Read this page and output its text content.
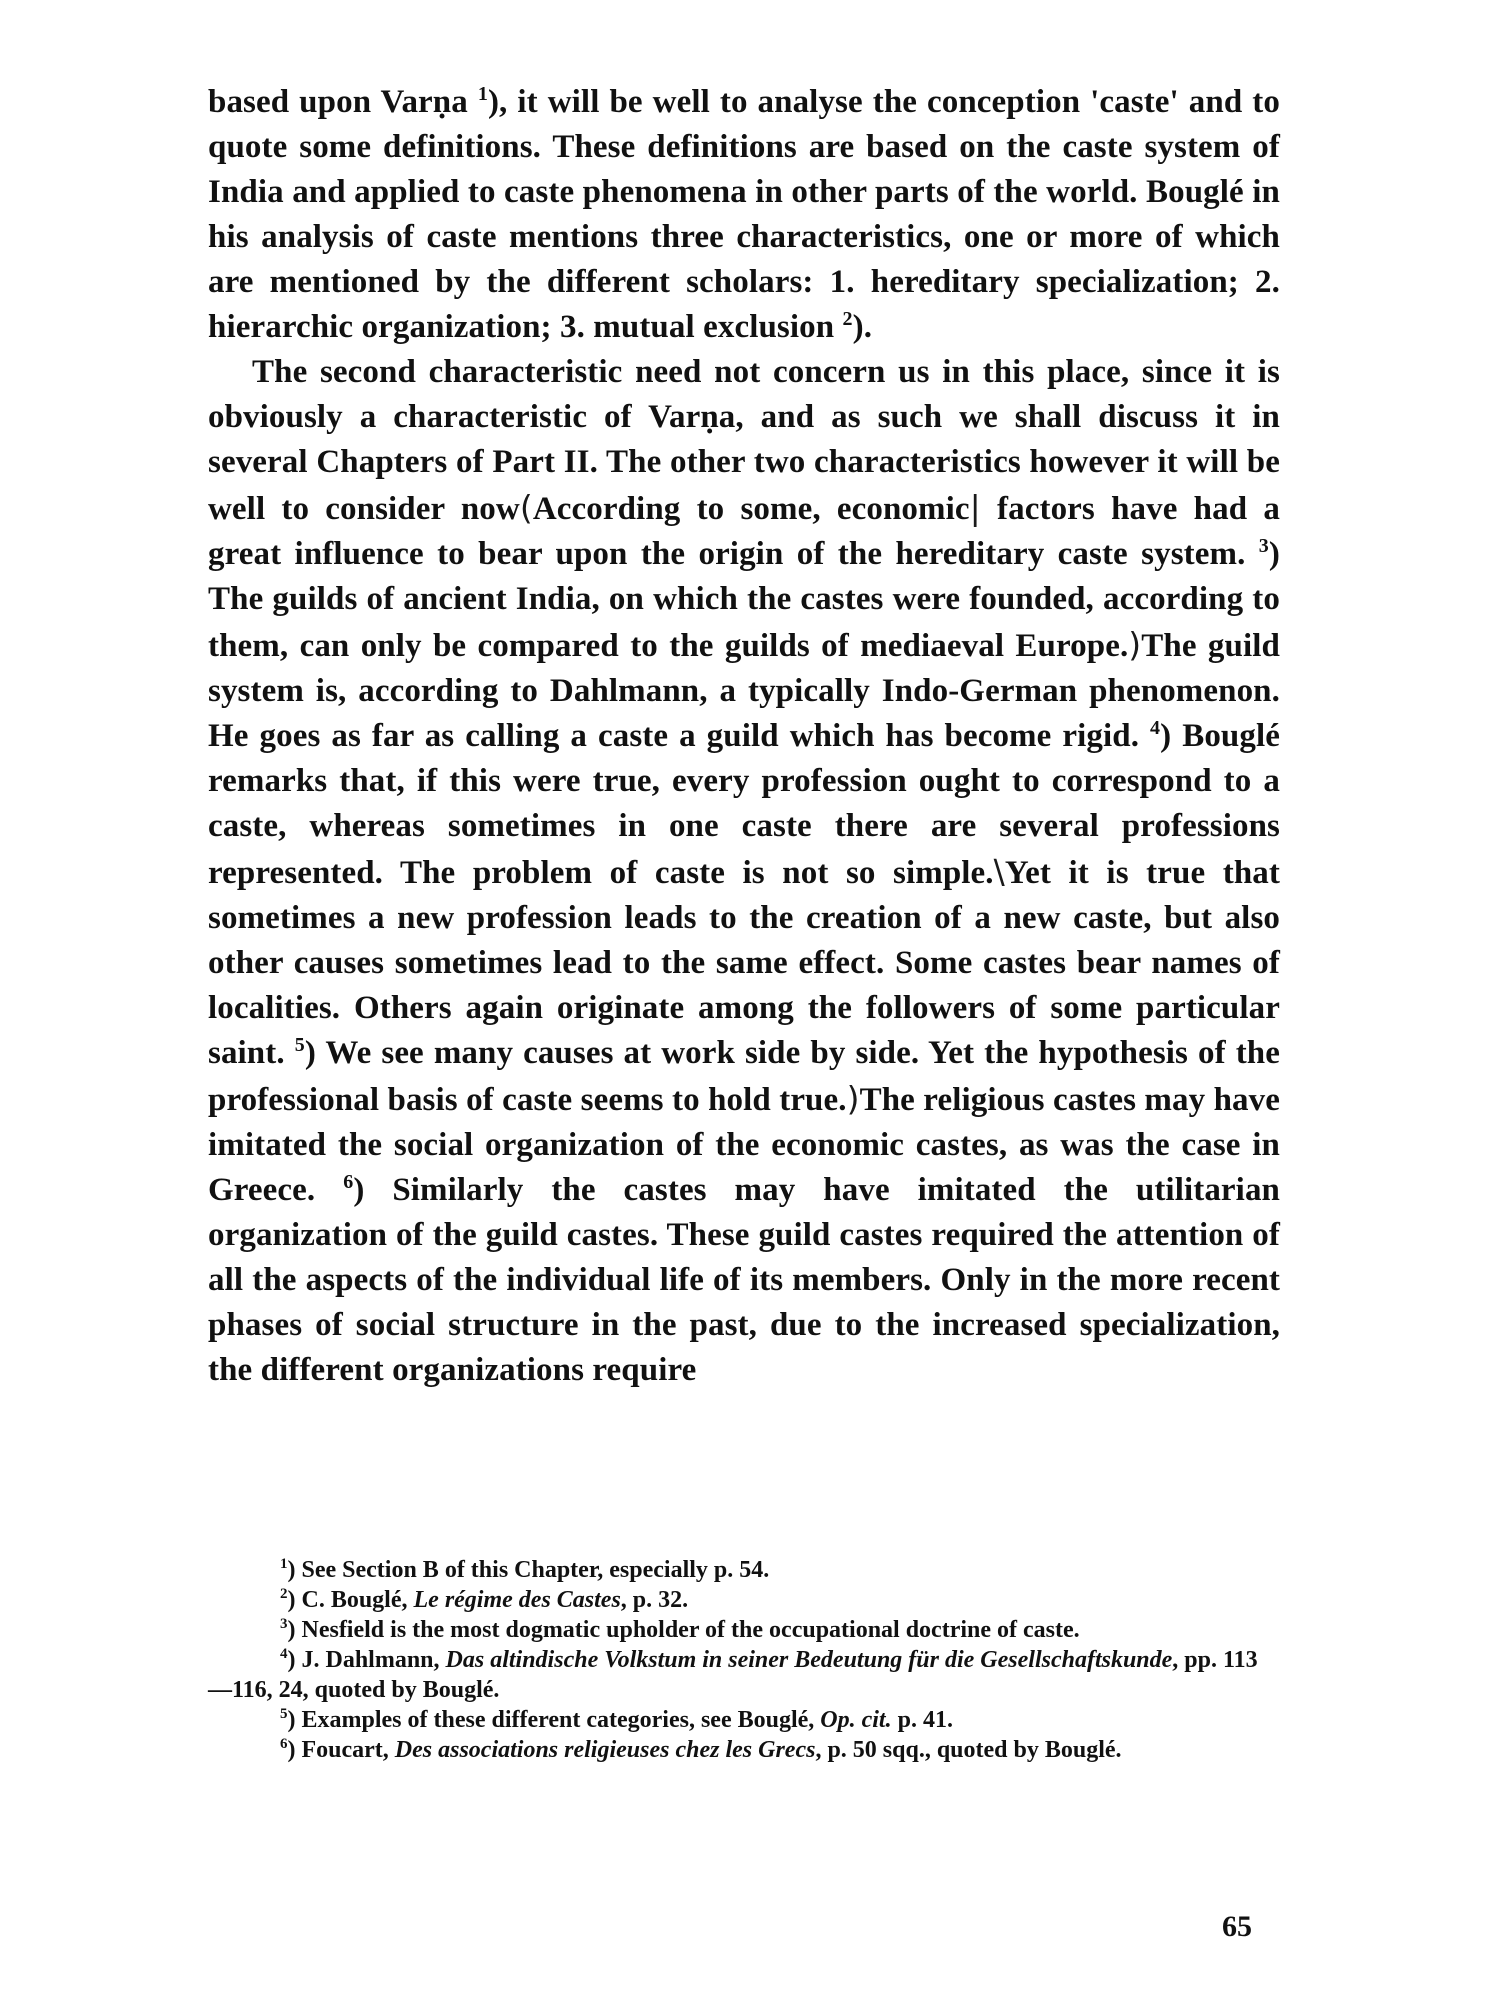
based upon Varṇa $^1$), it will be well to analyse the conception 'caste' and to quote some definitions. These definitions are based on the caste system of India and applied to caste phenomena in other parts of the world. Bouglé in his analysis of caste mentions three characteristics, one or more of which are mentioned by the different scholars: 1. hereditary specialization; 2. hierarchic organization; 3. mutual exclusion $^2$).

The second characteristic need not concern us in this place, since it is obviously a characteristic of Varṇa, and as such we shall discuss it in several Chapters of Part II. The other two characteristics however it will be well to consider now(According to some, economic| factors have had a great influence to bear upon the origin of the hereditary caste system. $^3$) The guilds of ancient India, on which the castes were founded, according to them, can only be compared to the guilds of mediaeval Europe.)The guild system is, according to Dahlmann, a typically Indo-German phenomenon. He goes as far as calling a caste a guild which has become rigid. $^4$) Bouglé remarks that, if this were true, every profession ought to correspond to a caste, whereas sometimes in one caste there are several professions represented. The problem of caste is not so simple.\Yet it is true that sometimes a new profession leads to the creation of a new caste, but also other causes sometimes lead to the same effect. Some castes bear names of localities. Others again originate among the followers of some particular saint. $^5$) We see many causes at work side by side. Yet the hypothesis of the professional basis of caste seems to hold true.)The religious castes may have imitated the social organization of the economic castes, as was the case in Greece. $^6$) Similarly the castes may have imitated the utilitarian organization of the guild castes. These guild castes required the attention of all the aspects of the individual life of its members. Only in the more recent phases of social structure in the past, due to the increased specialization, the different organizations require

$^1$) See Section B of this Chapter, especially p. 54.

$^2$) C. Bouglé, Le régime des Castes, p. 32.

$^3$) Nesfield is the most dogmatic upholder of the occupational doctrine of caste.

$^4$) J. Dahlmann, Das altindische Volkstum in seiner Bedeutung für die Gesellschaftskunde, pp. 113—116, 24, quoted by Bouglé.

$^5$) Examples of these different categories, see Bouglé, Op. cit. p. 41.

$^6$) Foucart, Des associations religieuses chez les Grecs, p. 50 sqq., quoted by Bouglé.

65
